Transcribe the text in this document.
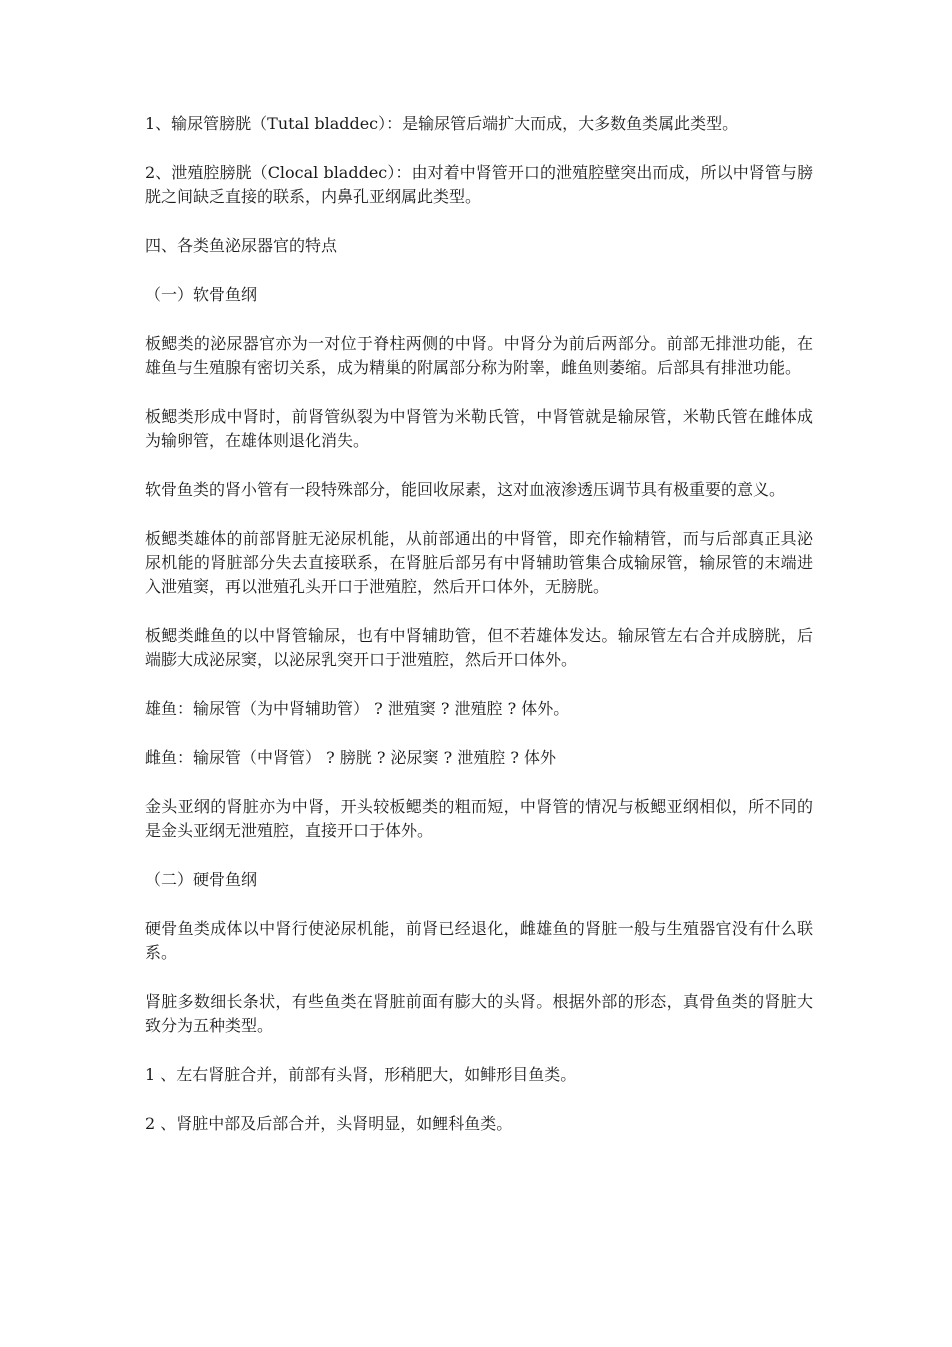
1、输尿管膀胱（Tutal bladdec）：是输尿管后端扩大而成，大多数鱼类属此类型。

2、泄殖腔膀胱（Clocal bladdec）：由对着中肾管开口的泄殖腔壁突出而成，所以中肾管与膀胱之间缺乏直接的联系，内鼻孔亚纲属此类型。

四、各类鱼泌尿器官的特点

（一）软骨鱼纲

板鳃类的泌尿器官亦为一对位于脊柱两侧的中肾。中肾分为前后两部分。前部无排泄功能，在雄鱼与生殖腺有密切关系，成为精巢的附属部分称为附睾，雌鱼则萎缩。后部具有排泄功能。

板鳃类形成中肾时，前肾管纵裂为中肾管为米勒氏管，中肾管就是输尿管，米勒氏管在雌体成为输卵管，在雄体则退化消失。

软骨鱼类的肾小管有一段特殊部分，能回收尿素，这对血液渗透压调节具有极重要的意义。

板鳃类雄体的前部肾脏无泌尿机能，从前部通出的中肾管，即充作输精管，而与后部真正具泌尿机能的肾脏部分失去直接联系，在肾脏后部另有中肾辅助管集合成输尿管，输尿管的末端进入泄殖窦，再以泄殖孔头开口于泄殖腔，然后开口体外，无膀胱。

板鳃类雌鱼的以中肾管输尿，也有中肾辅助管，但不若雄体发达。输尿管左右合并成膀胱，后端膨大成泌尿窦，以泌尿乳突开口于泄殖腔，然后开口体外。

雄鱼：输尿管（为中肾辅助管） ? 泄殖窦 ? 泄殖腔 ? 体外。

雌鱼：输尿管（中肾管） ? 膀胱 ? 泌尿窦 ? 泄殖腔 ? 体外

金头亚纲的肾脏亦为中肾，开头较板鳃类的粗而短，中肾管的情况与板鳃亚纲相似，所不同的是金头亚纲无泄殖腔，直接开口于体外。

（二）硬骨鱼纲

硬骨鱼类成体以中肾行使泌尿机能，前肾已经退化，雌雄鱼的肾脏一般与生殖器官没有什么联系。

肾脏多数细长条状，有些鱼类在肾脏前面有膨大的头肾。根据外部的形态，真骨鱼类的肾脏大致分为五种类型。

1 、左右肾脏合并，前部有头肾，形稍肥大，如鲱形目鱼类。

2 、肾脏中部及后部合并，头肾明显，如鲤科鱼类。
